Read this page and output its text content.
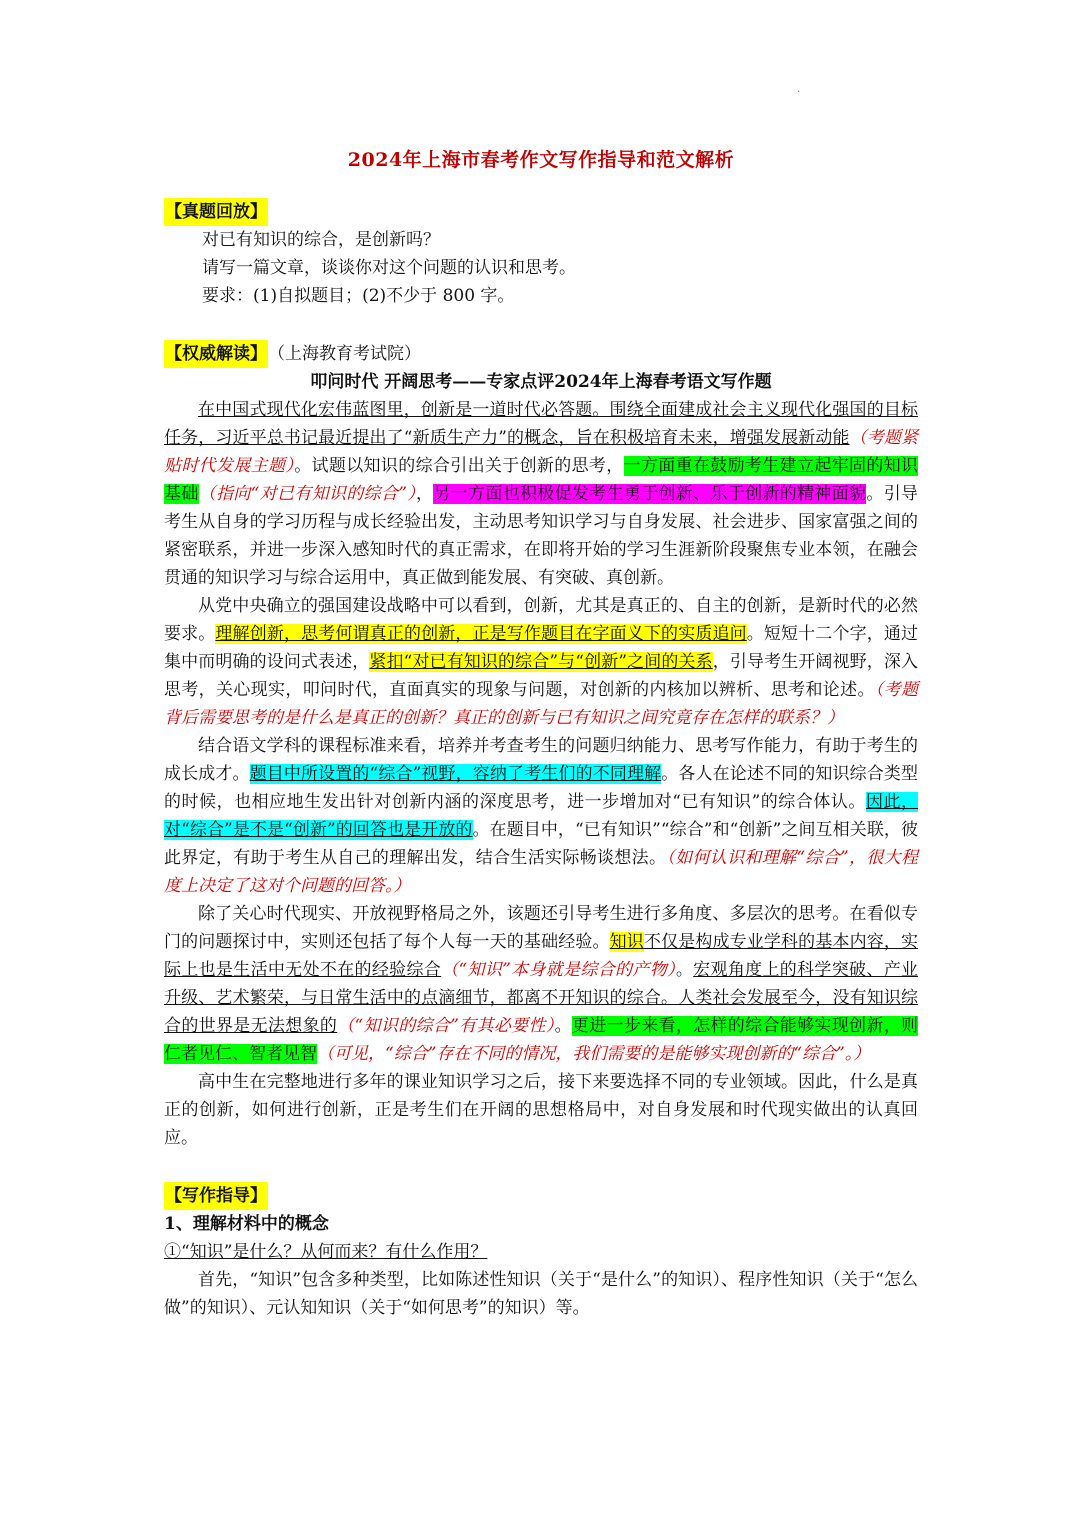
.
2024年上海市春考作文写作指导和范文解析
【真题回放】

对已有知识的综合，是创新吗？

请写一篇文章，谈谈你对这个问题的认识和思考。

要求：(1)自拟题目；(2)不少于 800 字。

【权威解读】（上海教育考试院）

叩问时代 开阔思考——专家点评2024年上海春考语文写作题

在中国式现代化宏伟蓝图里，创新是一道时代必答题。围绕全面建成社会主义现代化强国的目标任务，习近平总书记最近提出了“新质生产力”的概念，旨在积极培育未来，增强发展新动能（考题紧贴时代发展主题）。试题以知识的综合引出关于创新的思考，一方面重在鼓励考生建立起牢固的知识基础（指向“对已有知识的综合”），另一方面也积极促发考生勇于创新、乐于创新的精神面貌。引导考生从自身的学习历程与成长经验出发，主动思考知识学习与自身发展、社会进步、国家富强之间的紧密联系，并进一步深入感知时代的真正需求，在即将开始的学习生涯新阶段聚焦专业本领，在融会贯通的知识学习与综合运用中，真正做到能发展、有突破、真创新。

从党中央确立的强国建设战略中可以看到，创新，尤其是真正的、自主的创新，是新时代的必然要求。理解创新，思考何谓真正的创新，正是写作题目在字面义下的实质追问。短短十二个字，通过集中而明确的设问式表述，紧扣“对已有知识的综合”与“创新”之间的关系，引导考生开阔视野，深入思考，关心现实，叩问时代，直面真实的现象与问题，对创新的内核加以辨析、思考和论述。（考题背后需要思考的是什么是真正的创新？真正的创新与已有知识之间究竟存在怎样的联系？）

结合语文学科的课程标准来看，培养并考查考生的问题归纳能力、思考写作能力，有助于考生的成长成才。题目中所设置的“综合”视野，容纳了考生们的不同理解。各人在论述不同的知识综合类型的时候，也相应地生发出针对创新内涵的深度思考，进一步增加对“已有知识”的综合体认。因此，对“综合”是不是“创新”的回答也是开放的。在题目中，“已有知识”“综合”和“创新”之间互相关联，彼此界定，有助于考生从自己的理解出发，结合生活实际畅谈想法。（如何认识和理解“综合”，很大程度上决定了这对个问题的回答。）

除了关心时代现实、开放视野格局之外，该题还引导考生进行多角度、多层次的思考。在看似专门的问题探讨中，实则还包括了每个人每一天的基础经验。知识不仅是构成专业学科的基本内容，实际上也是生活中无处不在的经验综合（“知识”本身就是综合的产物）。宏观角度上的科学突破、产业升级、艺术繁荣，与日常生活中的点滴细节，都离不开知识的综合。人类社会发展至今，没有知识综合的世界是无法想象的（“知识的综合”有其必要性）。更进一步来看，怎样的综合能够实现创新，则仁者见仁、智者见智（可见，“综合”存在不同的情况，我们需要的是能够实现创新的“综合”。）

高中生在完整地进行多年的课业知识学习之后，接下来要选择不同的专业领域。因此，什么是真正的创新，如何进行创新，正是考生们在开阔的思想格局中，对自身发展和时代现实做出的认真回应。

【写作指导】

1、理解材料中的概念

①“知识”是什么？从何而来？有什么作用？

首先，“知识”包含多种类型，比如陈述性知识（关于“是什么”的知识）、程序性知识（关于“怎么做”的知识）、元认知知识（关于“如何思考”的知识）等。
